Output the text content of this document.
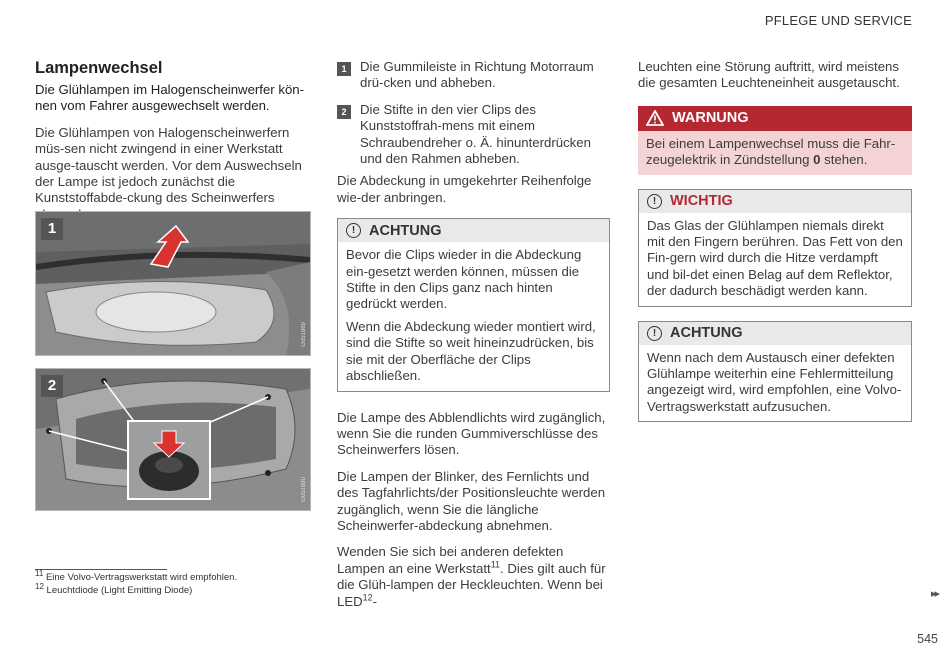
PFLEGE UND SERVICE
Lampenwechsel

Die Glühlampen im Halogenscheinwerfer kön-nen vom Fahrer ausgewechselt werden.

Die Glühlampen von Halogenscheinwerfern müs-sen nicht zwingend in einer Werkstatt ausge-tauscht werden. Vor dem Auswechseln der Lampe ist jedoch zunächst die Kunststoffabde-ckung des Scheinwerfers

1
G051889
2
G051890
1	Die Gummileiste in Richtung Motorraum drü-cken und abheben.
2	Die Stifte in den vier Clips des Kunststoffrah-mens mit einem Schraubendreher o. Ä. hinunterdrücken und den Rahmen abheben.

Die Abdeckung in umgekehrter Reihenfolge wie-der anbringen.

! ACHTUNG

Bevor die Clips wieder in die Abdeckung ein-gesetzt werden können, müssen die Stifte in den Clips ganz nach hinten gedrückt werden.

Wenn die Abdeckung wieder montiert wird, sind die Stifte so weit hineinzudrücken, bis sie mit der Oberfläche der Clips abschließen.

Die Lampe des Abblendlichts wird zugänglich, wenn Sie die runden Gummiverschlüsse des Scheinwerfers lösen.

Die Lampen der Blinker, des Fernlichts und des Tagfahrlichts/der Positionsleuchte werden zugänglich, wenn Sie die längliche Scheinwerfer-abdeckung abnehmen.

Wenden Sie sich bei anderen defekten Lampen an eine Werkstatt$^{11}$. Dies gilt auch für die Glüh-lampen der Heckleuchten. Wenn bei LED$^{12}$-

Leuchten eine Störung auftritt, wird meistens die gesamten Leuchteneinheit ausgetauscht.

WARNUNG

Bei einem Lampenwechsel muss die Fahr-zeugelektrik in Zündstellung 0 stehen.

! WICHTIG

Das Glas der Glühlampen niemals direkt mit den Fingern berühren. Das Fett von den Fin-gern wird durch die Hitze verdampft und bil-det einen Belag auf dem Reflektor, der dadurch beschädigt werden kann.

! ACHTUNG

Wenn nach dem Austausch einer defekten Glühlampe weiterhin eine Fehlermitteilung angezeigt wird, wird empfohlen, eine Volvo-Vertragswerkstatt aufzusuchen.

$^{11}$ Eine Volvo-Vertragswerkstatt wird empfohlen.
$^{12}$ Leuchtdiode (Light Emitting Diode)	▸▸
545
